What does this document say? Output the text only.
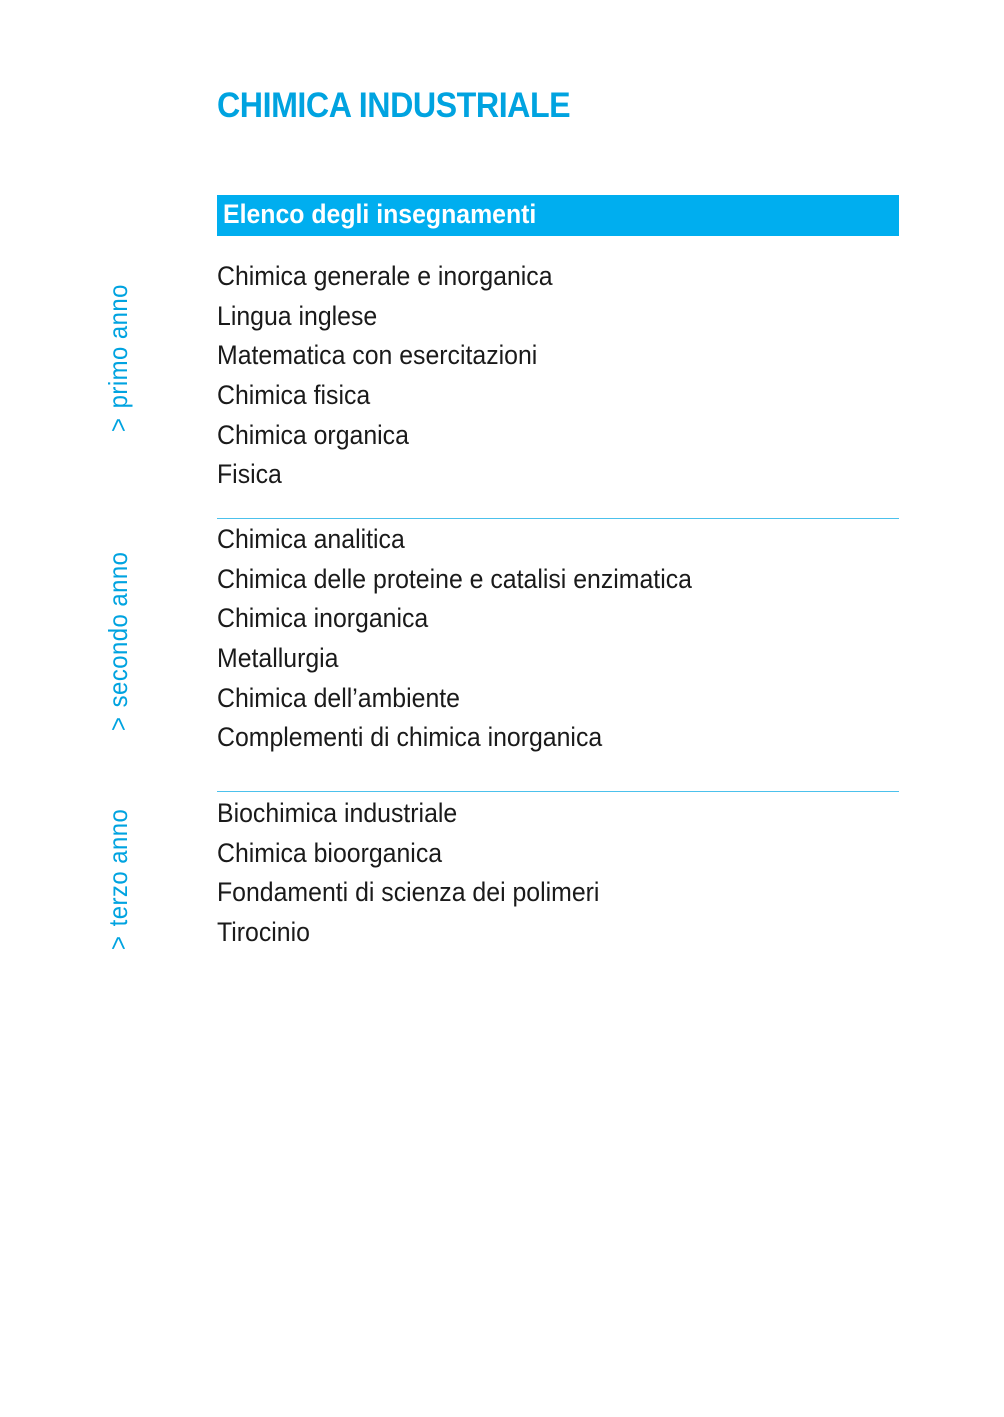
CHIMICA INDUSTRIALE
Elenco degli insegnamenti
>primo anno
Chimica generale e inorganica
Lingua inglese
Matematica con esercitazioni
Chimica fisica
Chimica organica
Fisica
>secondo anno
Chimica analitica
Chimica delle proteine e catalisi enzimatica
Chimica inorganica
Metallurgia
Chimica dell’ambiente
Complementi di chimica inorganica
>terzo anno	Biochimica industriale
Chimica bioorganica
Fondamenti di scienza dei polimeri
Tirocinio
